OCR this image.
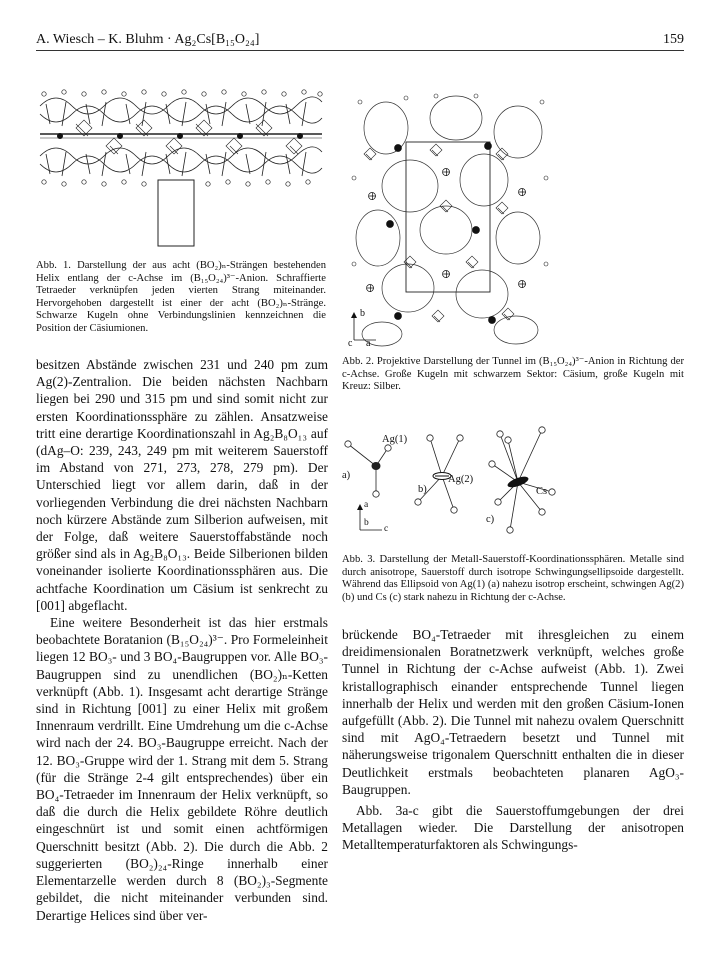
A. Wiesch – K. Bluhm · Ag₂Cs[B₁₅O₂₄]	159
Abb. 1. Darstellung der aus acht (BO₂)ₙ-Strängen bestehenden Helix entlang der c-Achse im (B₁₅O₂₄)³⁻-Anion. Schraffierte Tetraeder verknüpfen jeden vierten Strang miteinander. Hervorgehoben dargestellt ist einer der acht (BO₂)ₙ-Stränge. Schwarze Kugeln ohne Verbindungslinien kennzeichnen die Position der Cäsiumionen.
b
c a
Abb. 2. Projektive Darstellung der Tunnel im (B₁₅O₂₄)³⁻-Anion in Richtung der c-Achse. Große Kugeln mit schwarzem Sektor: Cäsium, große Kugeln mit Kreuz: Silber.
Ag(1)
a)	Ag(2)
b)	Cs
c)
a
b
c
Abb. 3. Darstellung der Metall-Sauerstoff-Koordinationssphären. Metalle sind durch anisotrope, Sauerstoff durch isotrope Schwingungsellipsoide dargestellt. Während das Ellipsoid von Ag(1) (a) nahezu isotrop erscheint, schwingen Ag(2) (b) und Cs (c) stark nahezu in Richtung der c-Achse.

besitzen Abstände zwischen 231 und 240 pm zum Ag(2)-Zentralion. Die beiden nächsten Nachbarn liegen bei 290 und 315 pm und sind somit nicht zur ersten Koordinationssphäre zu zählen. Ansatzweise tritt eine derartige Koordinationszahl in Ag₂B₈O₁₃ auf (dAg–O: 239, 243, 249 pm mit weiterem Sauerstoff im Abstand von 271, 273, 278, 279 pm). Der Unterschied liegt vor allem darin, daß in der vorliegenden Verbindung die drei nächsten Nachbarn noch kürzere Abstände zum Silberion aufweisen, mit der Folge, daß weitere Sauerstoffabstände noch größer sind als in Ag₂B₈O₁₃. Beide Silberionen bilden voneinander isolierte Koordinationssphären aus. Die achtfache Koordination um Cäsium ist senkrecht zu [001] abgeflacht.

Eine weitere Besonderheit ist das hier erstmals beobachtete Boratanion (B₁₅O₂₄)³⁻. Pro Formeleinheit liegen 12 BO₃- und 3 BO₄-Baugruppen vor. Alle BO₃-Baugruppen sind zu unendlichen (BO₂)ₙ-Ketten verknüpft (Abb. 1). Insgesamt acht derartige Stränge sind in Richtung [001] zu einer Helix mit großem Innenraum verdrillt. Eine Umdrehung um die c-Achse wird nach der 24. BO₃-Baugruppe erreicht. Nach der 12. BO₃-Gruppe wird der 1. Strang mit dem 5. Strang (für die Stränge 2-4 gilt entsprechendes) über ein BO₄-Tetraeder im Innenraum der Helix verknüpft, so daß die durch die Helix gebildete Röhre deutlich eingeschnürt ist und somit einen achtförmigen Querschnitt besitzt (Abb. 2). Die durch die Abb. 2 suggerierten (BO₂)₂₄-Ringe innerhalb einer Elementarzelle werden durch 8 (BO₂)₃-Segmente gebildet, die nicht miteinander verbunden sind. Derartige Helices sind über ver-

brückende BO₄-Tetraeder mit ihresgleichen zu einem dreidimensionalen Boratnetzwerk verknüpft, welches große Tunnel in Richtung der c-Achse aufweist (Abb. 1). Zwei kristallographisch einander entsprechende Tunnel liegen innerhalb der Helix und werden mit den großen Cäsium-Ionen aufgefüllt (Abb. 2). Die Tunnel mit nahezu ovalem Querschnitt sind mit AgO₄-Tetraedern besetzt und Tunnel mit näherungsweise trigonalem Querschnitt enthalten die in dieser Deutlichkeit erstmals beobachteten planaren AgO₃-Baugruppen.

Abb. 3a-c gibt die Sauerstoffumgebungen der drei Metallagen wieder. Die Darstellung der anisotropen Metalltemperaturfaktoren als Schwingungs-
